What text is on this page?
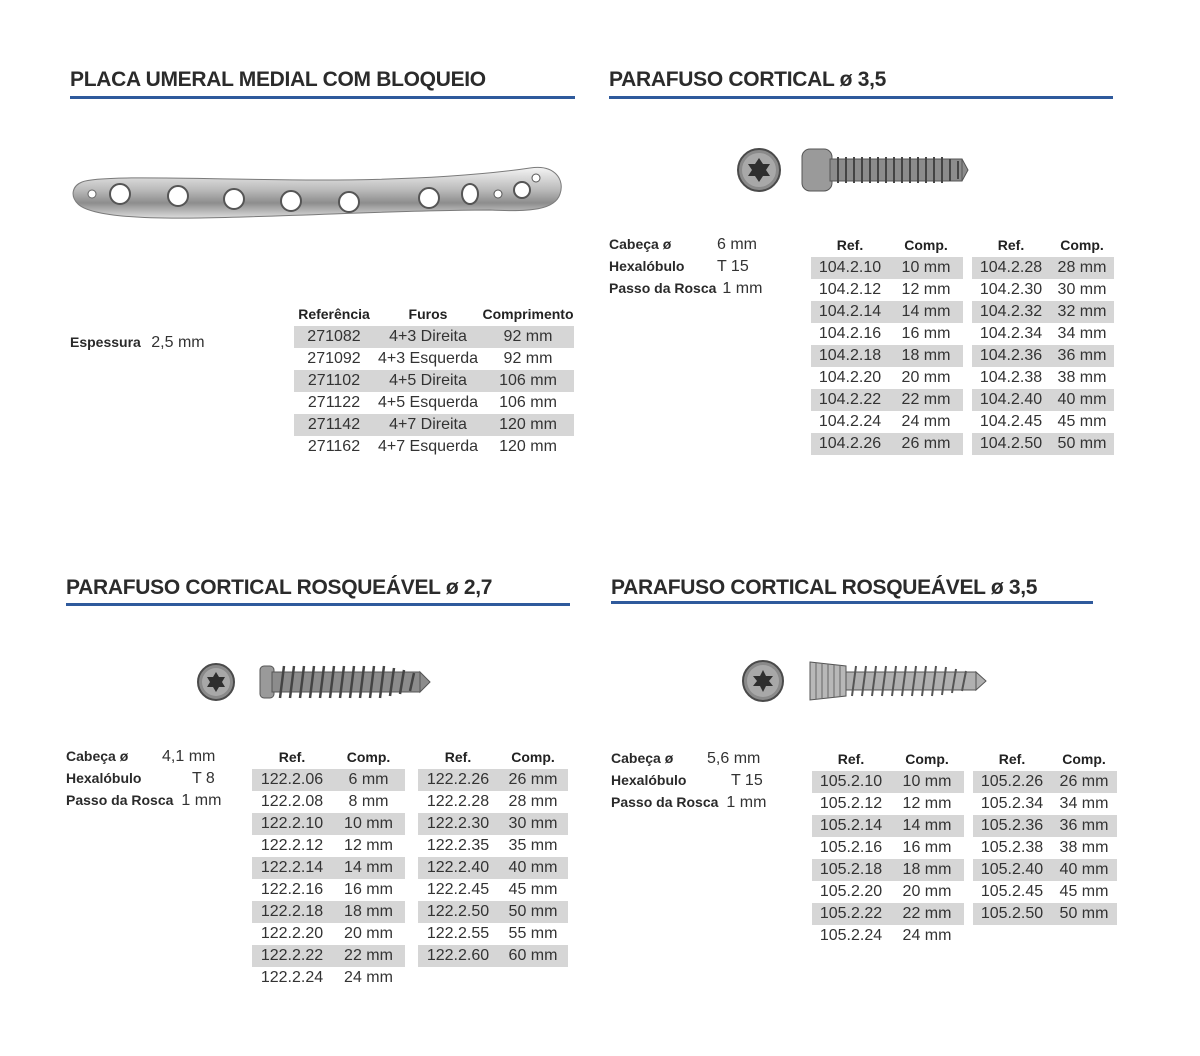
PLACA UMERAL MEDIAL COM BLOQUEIO
Espessura 2,5 mm
Referência	Furos	Comprimento
271082	4+3 Direita	92 mm
271092	4+3 Esquerda	92 mm
271102	4+5 Direita	106 mm
271122	4+5 Esquerda	106 mm
271142	4+7 Direita	120 mm
271162	4+7 Esquerda	120 mm
PARAFUSO CORTICAL ø 3,5
Cabeça ø	6 mm
Hexalóbulo T 15
Passo da Rosca 1 mm
Ref.	Comp.
104.2.10	10 mm
104.2.12	12 mm
104.2.14	14 mm
104.2.16	16 mm
104.2.18	18 mm
104.2.20	20 mm
104.2.22	22 mm
104.2.24	24 mm
104.2.26	26 mm
Ref.	Comp.
104.2.28	28 mm
104.2.30	30 mm
104.2.32	32 mm
104.2.34	34 mm
104.2.36	36 mm
104.2.38	38 mm
104.2.40	40 mm
104.2.45	45 mm
104.2.50	50 mm
PARAFUSO CORTICAL ROSQUEÁVEL ø 2,7
Cabeça ø 4,1 mm
Hexalóbulo	T 8
Passo da Rosca 1 mm
Ref.	Comp.
122.2.06	6 mm
122.2.08	8 mm
122.2.10	10 mm
122.2.12	12 mm
122.2.14	14 mm
122.2.16	16 mm
122.2.18	18 mm
122.2.20	20 mm
122.2.22	22 mm
122.2.24	24 mm
Ref.	Comp.
122.2.26	26 mm
122.2.28	28 mm
122.2.30	30 mm
122.2.35	35 mm
122.2.40	40 mm
122.2.45	45 mm
122.2.50	50 mm
122.2.55	55 mm
122.2.60	60 mm
PARAFUSO CORTICAL ROSQUEÁVEL ø 3,5
Cabeça ø 5,6 mm
Hexalóbulo	T 15
Passo da Rosca 1 mm
Ref.	Comp.
105.2.10	10 mm
105.2.12	12 mm
105.2.14	14 mm
105.2.16	16 mm
105.2.18	18 mm
105.2.20	20 mm
105.2.22	22 mm
105.2.24	24 mm
Ref.	Comp.
105.2.26	26 mm
105.2.34	34 mm
105.2.36	36 mm
105.2.38	38 mm
105.2.40	40 mm
105.2.45	45 mm
105.2.50	50 mm
